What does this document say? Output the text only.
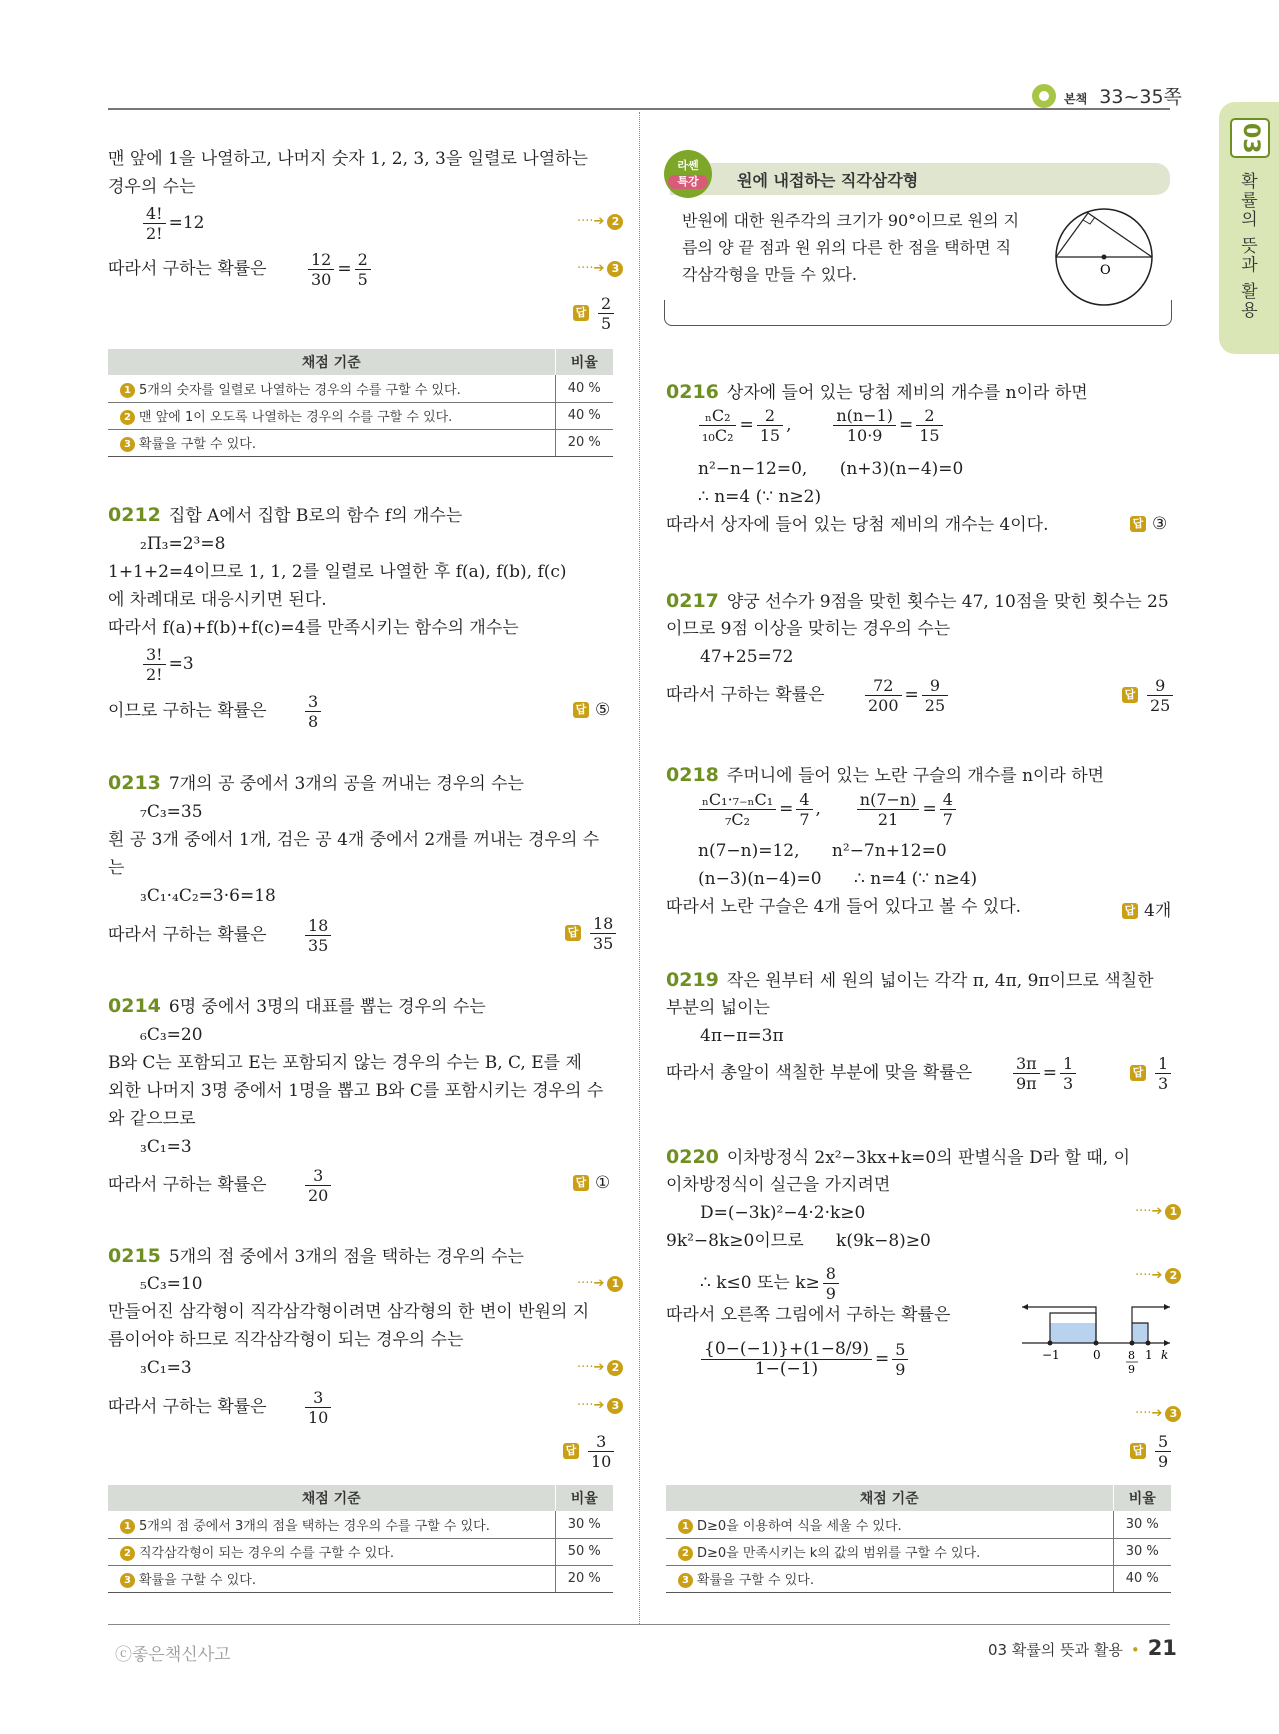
본책 33~35쪽
03
확률의 뜻과 활용
맨 앞에 1을 나열하고, 나머지 숫자 1, 2, 3, 3을 일렬로 나열하는
경우의 수는
$\frac{4!}{2!} =12$	····➔ 2
따라서 구하는 확률은	$\frac{12}{30} = \frac{2}{5}$	····➔ 3
답 $\frac{2}{5}$
채점 기준	비율
1 5개의 숫자를 일렬로 나열하는 경우의 수를 구할 수 있다.	40 %
2 맨 앞에 1이 오도록 나열하는 경우의 수를 구할 수 있다.	40 %
3 확률을 구할 수 있다.	20 %
0212 집합 A에서 집합 B로의 함수 f의 개수는
₂Π₃=2³=8
1+1+2=4이므로 1, 1, 2를 일렬로 나열한 후 f(a), f(b), f(c)
에 차례대로 대응시키면 된다.
따라서 f(a)+f(b)+f(c)=4를 만족시키는 함수의 개수는
$\frac{3!}{2!} =3$
이므로 구하는 확률은 $\frac{3}{8}$	답 ⑤
0213 7개의 공 중에서 3개의 공을 꺼내는 경우의 수는
₇C₃=35
흰 공 3개 중에서 1개, 검은 공 4개 중에서 2개를 꺼내는 경우의 수
는
₃C₁·₄C₂=3·6=18
따라서 구하는 확률은 $\frac{18}{35}$	답 $\frac{18}{35}$
0214 6명 중에서 3명의 대표를 뽑는 경우의 수는
₆C₃=20
B와 C는 포함되고 E는 포함되지 않는 경우의 수는 B, C, E를 제
외한 나머지 3명 중에서 1명을 뽑고 B와 C를 포함시키는 경우의 수
와 같으므로
₃C₁=3
따라서 구하는 확률은 $\frac{3}{20}$	답 ①
0215 5개의 점 중에서 3개의 점을 택하는 경우의 수는
₅C₃=10	····➔ 1
만들어진 삼각형이 직각삼각형이려면 삼각형의 한 변이 반원의 지
름이어야 하므로 직각삼각형이 되는 경우의 수는
₃C₁=3	····➔ 2
따라서 구하는 확률은 $\frac{3}{10}$	····➔ 3
답 $\frac{3}{10}$
채점 기준	비율
1 5개의 점 중에서 3개의 점을 택하는 경우의 수를 구할 수 있다.	30 %
2 직각삼각형이 되는 경우의 수를 구할 수 있다.	50 %
3 확률을 구할 수 있다.	20 %
라쎈
특강	원에 내접하는 직각삼각형
반원에 대한 원주각의 크기가 90°이므로 원의 지
름의 양 끝 점과 원 위의 다른 한 점을 택하면 직
각삼각형을 만들 수 있다.	O
0216 상자에 들어 있는 당첨 제비의 개수를 n이라 하면
$\frac{\text{ₙC₂}}{\text{₁₀C₂}} = \frac{2}{15}$ ,	$\frac{n(n-1)}{10\cdot 9} = \frac{2}{15}$
n²−n−12=0,      (n+3)(n−4)=0
∴ n=4 (∵ n≥2)
따라서 상자에 들어 있는 당첨 제비의 개수는 4이다.	답 ③
0217 양궁 선수가 9점을 맞힌 횟수는 47, 10점을 맞힌 횟수는 25
이므로 9점 이상을 맞히는 경우의 수는
47+25=72
따라서 구하는 확률은	$\frac{72}{200} = \frac{9}{25}$	답 $\frac{9}{25}$
0218 주머니에 들어 있는 노란 구슬의 개수를 n이라 하면
$\frac{\text{ₙC₁·₇₋ₙC₁}}{\text{₇C₂}} = \frac{4}{7}$ , $\frac{n(7-n)}{21} = \frac{4}{7}$
n(7−n)=12,      n²−7n+12=0
(n−3)(n−4)=0      ∴ n=4 (∵ n≥4)
따라서 노란 구슬은 4개 들어 있다고 볼 수 있다.	답 4개
0219 작은 원부터 세 원의 넓이는 각각 π, 4π, 9π이므로 색칠한
부분의 넓이는
4π−π=3π
따라서 총알이 색칠한 부분에 맞을 확률은	$\frac{3\pi}{9\pi} = \frac{1}{3}$	답 $\frac{1}{3}$
0220 이차방정식 2x²−3kx+k=0의 판별식을 D라 할 때, 이
이차방정식이 실근을 가지려면
D=(−3k)²−4·2·k≥0	····➔ 1
9k²−8k≥0이므로      k(9k−8)≥0
∴ k≤0 또는 $k\ge \frac{8}{9}$	····➔ 2
따라서 오른쪽 그림에서 구하는 확률은
$\frac{\{0-(-1)\}+(1-8/9)}{1-(-1)} = \frac{5}{9}$	−1	0 8
9
1 k
····➔ 3
답 $\frac{5}{9}$
채점 기준	비율
1 D≥0을 이용하여 식을 세울 수 있다.	30 %
2 D≥0을 만족시키는 k의 값의 범위를 구할 수 있다.	30 %
3 확률을 구할 수 있다.	40 %
ⓒ좋은책신사고	03 확률의 뜻과 활용 • 21
